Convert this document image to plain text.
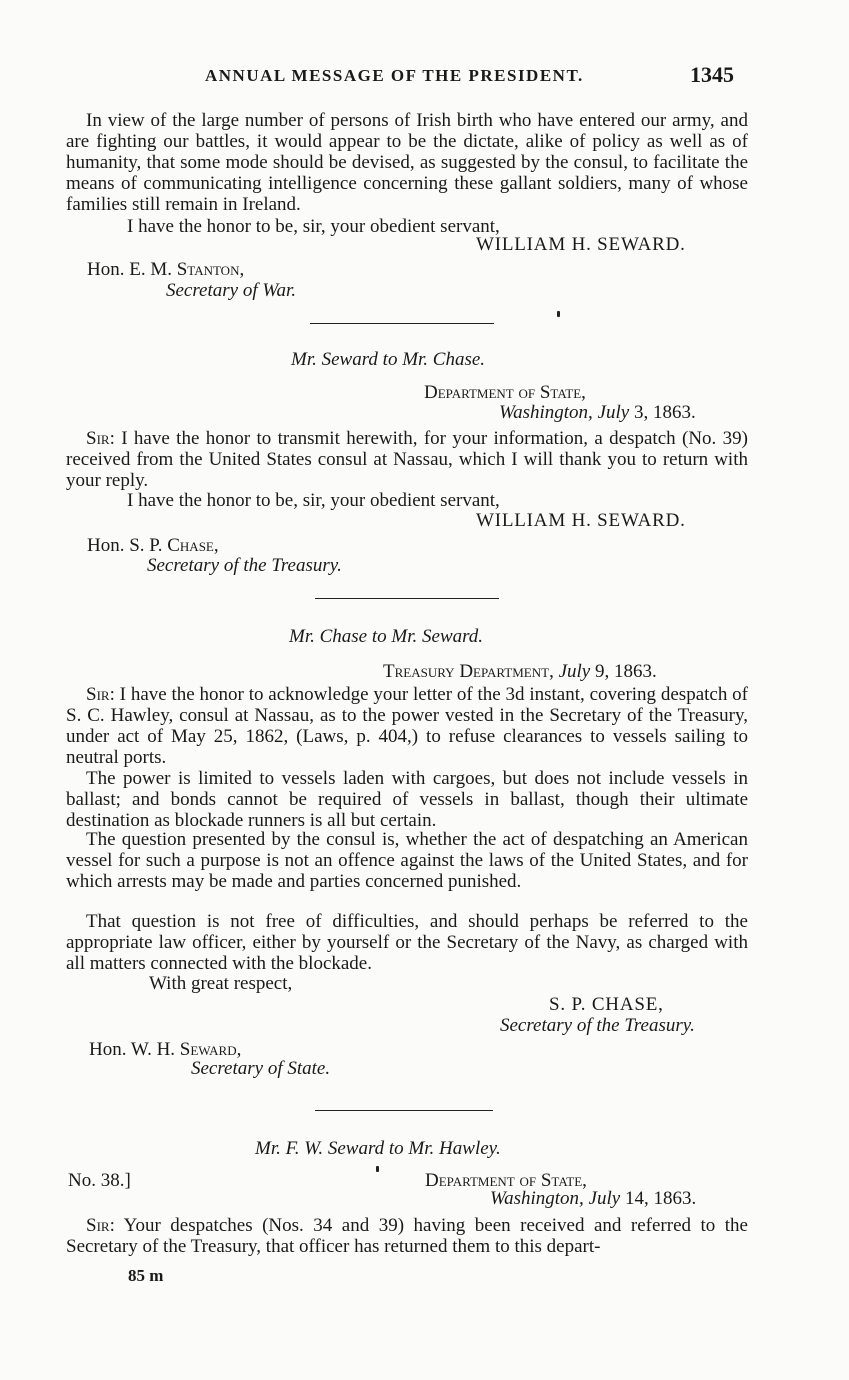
ANNUAL MESSAGE OF THE PRESIDENT.	1345
In view of the large number of persons of Irish birth who have entered our army, and are fighting our battles, it would appear to be the dictate, alike of policy as well as of humanity, that some mode should be devised, as suggested by the consul, to facilitate the means of communicating intelligence concerning these gallant soldiers, many of whose families still remain in Ireland.
I have the honor to be, sir, your obedient servant,
WILLIAM H. SEWARD.
Hon. E. M. Stanton,
Secretary of War.
Mr. Seward to Mr. Chase.
Department of State,
Washington, July 3, 1863.
Sir: I have the honor to transmit herewith, for your information, a despatch (No. 39) received from the United States consul at Nassau, which I will thank you to return with your reply.
I have the honor to be, sir, your obedient servant,
WILLIAM H. SEWARD.
Hon. S. P. Chase,
Secretary of the Treasury.
Mr. Chase to Mr. Seward.
Treasury Department, July 9, 1863.
Sir: I have the honor to acknowledge your letter of the 3d instant, covering despatch of S. C. Hawley, consul at Nassau, as to the power vested in the Secretary of the Treasury, under act of May 25, 1862, (Laws, p. 404,) to refuse clearances to vessels sailing to neutral ports.
The power is limited to vessels laden with cargoes, but does not include vessels in ballast; and bonds cannot be required of vessels in ballast, though their ultimate destination as blockade runners is all but certain.
The question presented by the consul is, whether the act of despatching an American vessel for such a purpose is not an offence against the laws of the United States, and for which arrests may be made and parties concerned punished.
That question is not free of difficulties, and should perhaps be referred to the appropriate law officer, either by yourself or the Secretary of the Navy, as charged with all matters connected with the blockade.
With great respect,
S. P. CHASE,
Secretary of the Treasury.
Hon. W. H. Seward,
Secretary of State.
Mr. F. W. Seward to Mr. Hawley.
No. 38.]	Department of State,
Washington, July 14, 1863.
Sir: Your despatches (Nos. 34 and 39) having been received and referred to the Secretary of the Treasury, that officer has returned them to this depart-
85 m
